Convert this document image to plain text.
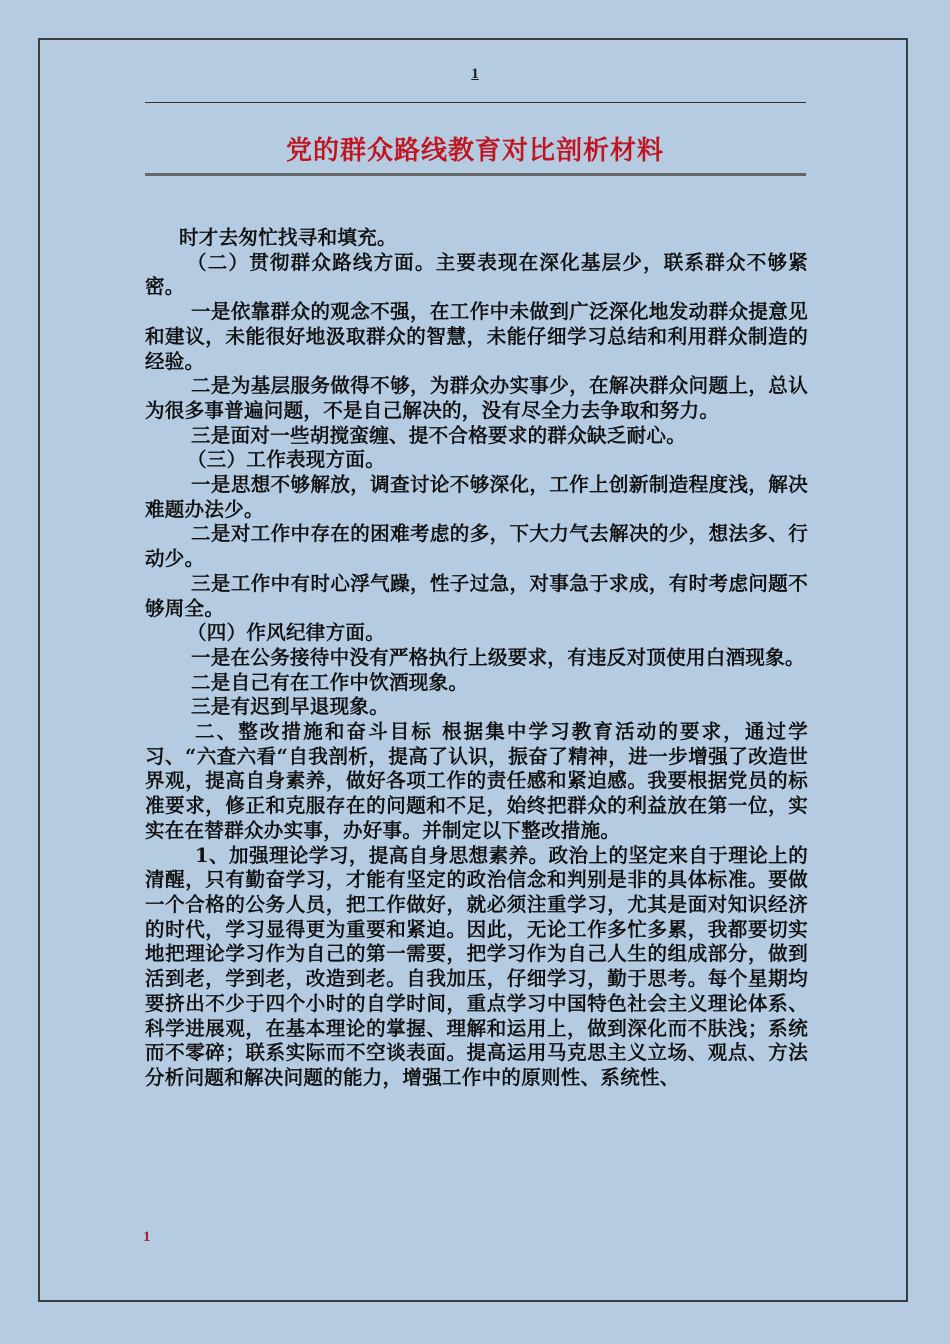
1
党的群众路线教育对比剖析材料

时才去匆忙找寻和填充。

（二）贯彻群众路线方面。主要表现在深化基层少，联系群众不够紧密。

一是依靠群众的观念不强，在工作中未做到广泛深化地发动群众提意见和建议，未能很好地汲取群众的智慧，未能仔细学习总结和利用群众制造的经验。

二是为基层服务做得不够，为群众办实事少，在解决群众问题上，总认为很多事普遍问题，不是自己解决的，没有尽全力去争取和努力。

三是面对一些胡搅蛮缠、提不合格要求的群众缺乏耐心。

（三）工作表现方面。

一是思想不够解放，调查讨论不够深化，工作上创新制造程度浅，解决难题办法少。

二是对工作中存在的困难考虑的多，下大力气去解决的少，想法多、行动少。

三是工作中有时心浮气躁，性子过急，对事急于求成，有时考虑问题不够周全。

（四）作风纪律方面。

一是在公务接待中没有严格执行上级要求，有违反对顶使用白酒现象。

二是自己有在工作中饮酒现象。

三是有迟到早退现象。

二、整改措施和奋斗目标 根据集中学习教育活动的要求，通过学习、“六查六看“自我剖析，提高了认识，振奋了精神，进一步增强了改造世界观，提高自身素养，做好各项工作的责任感和紧迫感。我要根据党员的标准要求，修正和克服存在的问题和不足，始终把群众的利益放在第一位，实实在在替群众办实事，办好事。并制定以下整改措施。

1、加强理论学习，提高自身思想素养。政治上的坚定来自于理论上的清醒，只有勤奋学习，才能有坚定的政治信念和判别是非的具体标准。要做一个合格的公务人员，把工作做好，就必须注重学习，尤其是面对知识经济的时代，学习显得更为重要和紧迫。因此，无论工作多忙多累，我都要切实地把理论学习作为自己的第一需要，把学习作为自己人生的组成部分，做到活到老，学到老，改造到老。自我加压，仔细学习，勤于思考。每个星期均要挤出不少于四个小时的自学时间，重点学习中国特色社会主义理论体系、科学进展观，在基本理论的掌握、理解和运用上，做到深化而不肤浅；系统而不零碎；联系实际而不空谈表面。提高运用马克思主义立场、观点、方法分析问题和解决问题的能力，增强工作中的原则性、系统性、

1
